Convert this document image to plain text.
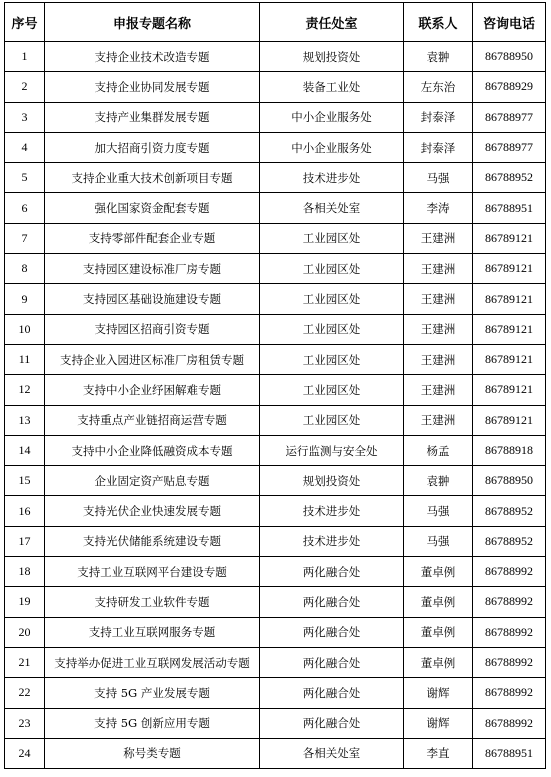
序号	申报专题名称	责任处室	联系人	咨询电话
1	支持企业技术改造专题	规划投资处	袁翀	86788950
2	支持企业协同发展专题	装备工业处	左东治	86788929
3	支持产业集群发展专题	中小企业服务处	封泰泽	86788977
4	加大招商引资力度专题	中小企业服务处	封泰泽	86788977
5	支持企业重大技术创新项目专题	技术进步处	马强	86788952
6	强化国家资金配套专题	各相关处室	李涛	86788951
7	支持零部件配套企业专题	工业园区处	王建洲	86789121
8	支持园区建设标准厂房专题	工业园区处	王建洲	86789121
9	支持园区基础设施建设专题	工业园区处	王建洲	86789121
10	支持园区招商引资专题	工业园区处	王建洲	86789121
11	支持企业入园进区标准厂房租赁专题	工业园区处	王建洲	86789121
12	支持中小企业纾困解难专题	工业园区处	王建洲	86789121
13	支持重点产业链招商运营专题	工业园区处	王建洲	86789121
14	支持中小企业降低融资成本专题	运行监测与安全处	杨孟	86788918
15	企业固定资产贴息专题	规划投资处	袁翀	86788950
16	支持光伏企业快速发展专题	技术进步处	马强	86788952
17	支持光伏储能系统建设专题	技术进步处	马强	86788952
18	支持工业互联网平台建设专题	两化融合处	董卓例	86788992
19	支持研发工业软件专题	两化融合处	董卓例	86788992
20	支持工业互联网服务专题	两化融合处	董卓例	86788992
21	支持举办促进工业互联网发展活动专题	两化融合处	董卓例	86788992
22	支持 5G 产业发展专题	两化融合处	谢辉	86788992
23	支持 5G 创新应用专题	两化融合处	谢辉	86788992
24	称号类专题	各相关处室	李直	86788951
